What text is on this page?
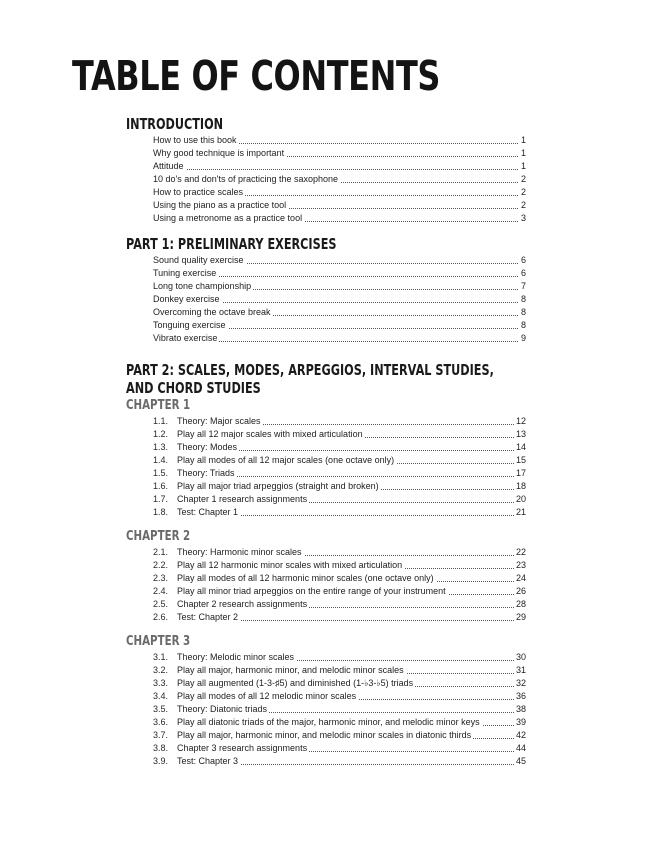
TABLE OF CONTENTS
INTRODUCTION
How to use this book	1
Why good technique is important	1
Attitude	1
10 do's and don'ts of practicing the saxophone	2
How to practice scales	2
Using the piano as a practice tool	2
Using a metronome as a practice tool	3
PART 1: PRELIMINARY EXERCISES
Sound quality exercise	6
Tuning exercise	6
Long tone championship	7
Donkey exercise	8
Overcoming the octave break	8
Tonguing exercise	8
Vibrato exercise	9
PART 2: SCALES, MODES, ARPEGGIOS, INTERVAL STUDIES,
AND CHORD STUDIES
CHAPTER 1
1.1. Theory: Major scales	12
1.2. Play all 12 major scales with mixed articulation	13
1.3. Theory: Modes	14
1.4. Play all modes of all 12 major scales (one octave only)	15
1.5. Theory: Triads	17
1.6. Play all major triad arpeggios (straight and broken)	18
1.7. Chapter 1 research assignments	20
1.8. Test: Chapter 1	21
CHAPTER 2
2.1. Theory: Harmonic minor scales	22
2.2. Play all 12 harmonic minor scales with mixed articulation	23
2.3. Play all modes of all 12 harmonic minor scales (one octave only)	24
2.4. Play all minor triad arpeggios on the entire range of your instrument	26
2.5. Chapter 2 research assignments	28
2.6. Test: Chapter 2	29
CHAPTER 3
3.1. Theory: Melodic minor scales	30
3.2. Play all major, harmonic minor, and melodic minor scales	31
3.3. Play all augmented (1-3-♯5) and diminished (1-♭3-♭5) triads	32
3.4. Play all modes of all 12 melodic minor scales	36
3.5. Theory: Diatonic triads	38
3.6. Play all diatonic triads of the major, harmonic minor, and melodic minor keys	39
3.7. Play all major, harmonic minor, and melodic minor scales in diatonic thirds	42
3.8. Chapter 3 research assignments	44
3.9. Test: Chapter 3	45
